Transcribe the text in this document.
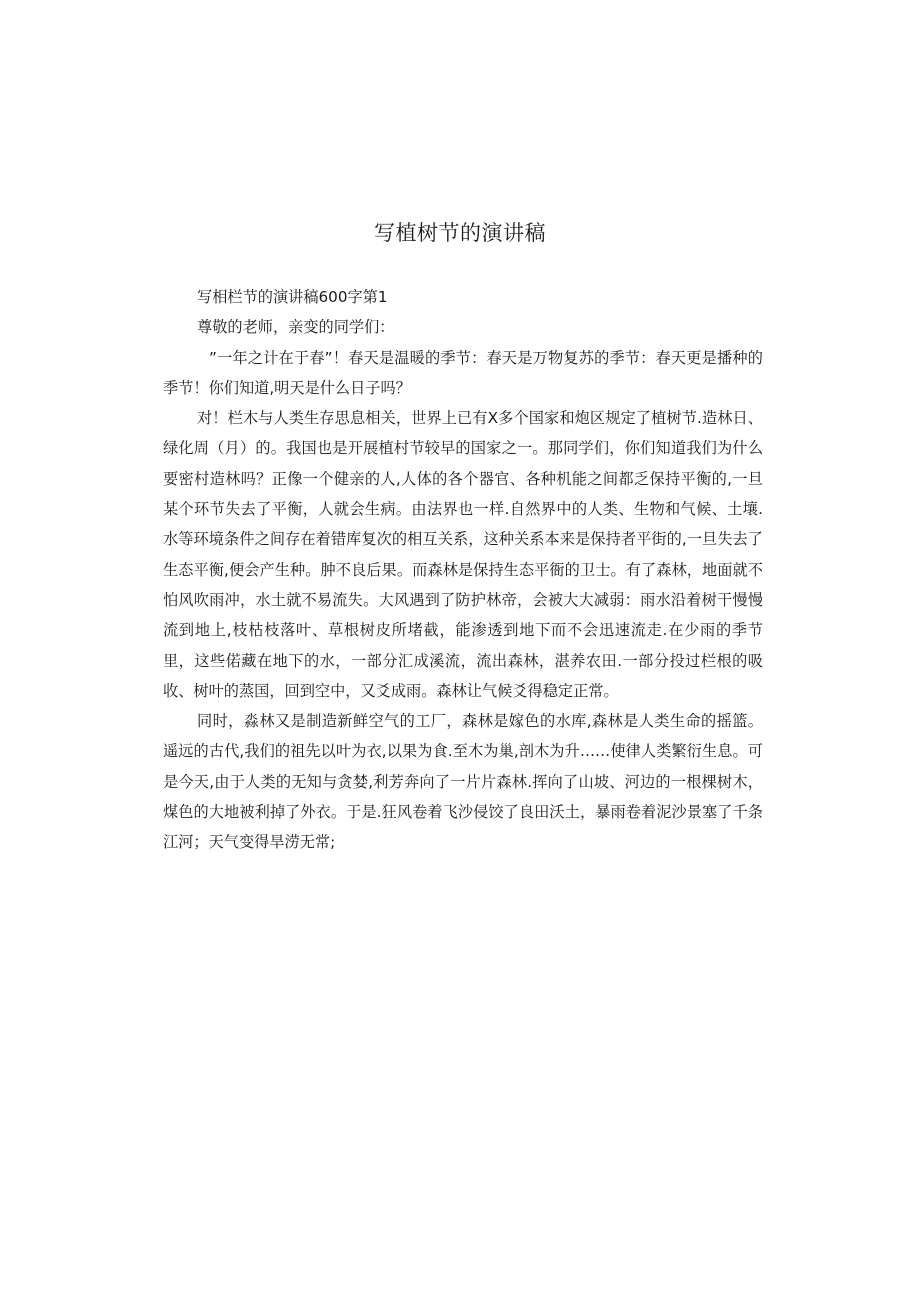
写植树节的演讲稿

写相栏节的演讲稿600字第1

尊敬的老师，亲变的同学们：

”一年之计在于春”！春天是温暖的季节：春天是万物复苏的季节：春天更是播种的季节！你们知道,明天是什么日子吗？

对！栏木与人类生存思息相关，世界上已有X多个国家和炮区规定了植树节.造林日、绿化周（月）的。我国也是开展植村节较早的国家之一。那同学们，你们知道我们为什么要密村造林吗？正像一个健亲的人,人体的各个器官、各种机能之间都乏保持平衡的,一旦某个环节失去了平衡，人就会生病。由法界也一样.自然界中的人类、生物和气候、土壤.水等环境条件之间存在着错库复次的相互关系，这种关系本来是保持者平街的,一旦失去了生态平衡,便会产生种。肿不良后果。而森林是保持生态平衙的卫士。有了森林，地面就不怕风吹雨冲，水土就不易流失。大风遇到了防护林帝，会被大大减弱：雨水沿着树干慢慢流到地上,枝枯枝落叶、草根树皮所堵截，能渗透到地下而不会迅速流走.在少雨的季节里，这些偌藏在地下的水，一部分汇成溪流，流出森林，湛养农田.一部分投过栏根的吸收、树叶的蒸国，回到空中，又爻成雨。森林让气候爻得稳定正常。

同时，淼林又是制造新鲜空气的工厂，森林是嫁色的水库,森林是人类生命的摇篮。遥远的古代,我们的祖先以叶为衣,以果为食.至木为巢,剖木为升……使律人类繁衍生息。可是今天,由于人类的无知与贪婪,利芳奔向了一片片森林.挥向了山坡、河边的一根棵树木，煤色的大地被利掉了外衣。于是.狂风卷着飞沙侵饺了良田沃土，暴雨卷着泥沙景塞了千条江河；天气变得旱涝无常;
